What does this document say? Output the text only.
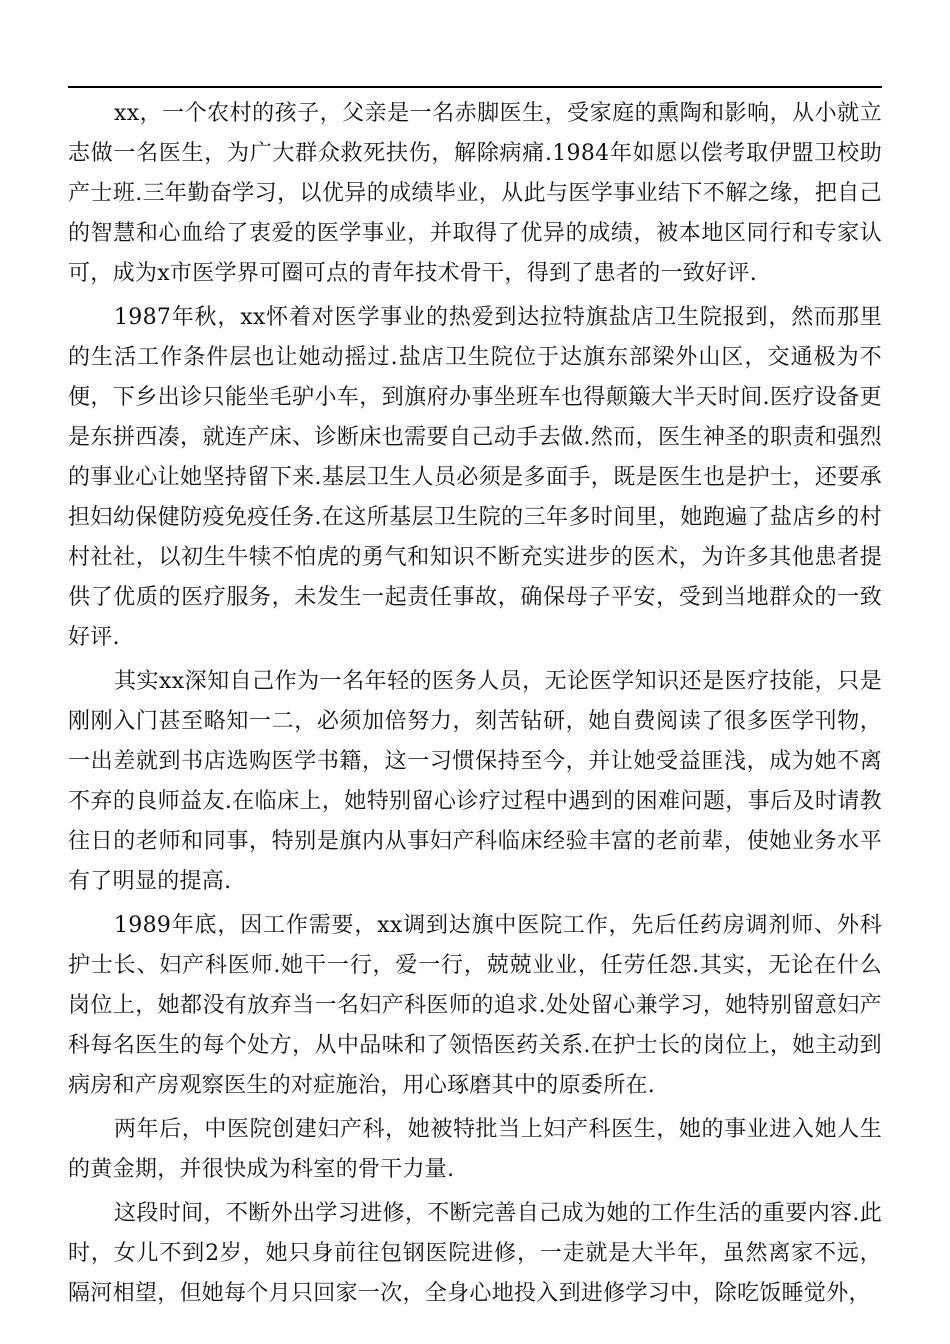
xx，一个农村的孩子，父亲是一名赤脚医生，受家庭的熏陶和影响，从小就立志做一名医生，为广大群众救死扶伤，解除病痛.1984年如愿以偿考取伊盟卫校助产士班.三年勤奋学习，以优异的成绩毕业，从此与医学事业结下不解之缘，把自己的智慧和心血给了衷爱的医学事业，并取得了优异的成绩，被本地区同行和专家认可，成为x市医学界可圈可点的青年技术骨干，得到了患者的一致好评.

1987年秋，xx怀着对医学事业的热爱到达拉特旗盐店卫生院报到，然而那里的生活工作条件层也让她动摇过.盐店卫生院位于达旗东部梁外山区，交通极为不便，下乡出诊只能坐毛驴小车，到旗府办事坐班车也得颠簸大半天时间.医疗设备更是东拼西凑，就连产床、诊断床也需要自己动手去做.然而，医生神圣的职责和强烈的事业心让她坚持留下来.基层卫生人员必须是多面手，既是医生也是护士，还要承担妇幼保健防疫免疫任务.在这所基层卫生院的三年多时间里，她跑遍了盐店乡的村村社社，以初生牛犊不怕虎的勇气和知识不断充实进步的医术，为许多其他患者提供了优质的医疗服务，未发生一起责任事故，确保母子平安，受到当地群众的一致好评.

其实xx深知自己作为一名年轻的医务人员，无论医学知识还是医疗技能，只是刚刚入门甚至略知一二，必须加倍努力，刻苦钻研，她自费阅读了很多医学刊物，一出差就到书店选购医学书籍，这一习惯保持至今，并让她受益匪浅，成为她不离不弃的良师益友.在临床上，她特别留心诊疗过程中遇到的困难问题，事后及时请教往日的老师和同事，特别是旗内从事妇产科临床经验丰富的老前辈，使她业务水平有了明显的提高.

1989年底，因工作需要，xx调到达旗中医院工作，先后任药房调剂师、外科护士长、妇产科医师.她干一行，爱一行，兢兢业业，任劳任怨.其实，无论在什么岗位上，她都没有放弃当一名妇产科医师的追求.处处留心兼学习，她特别留意妇产科每名医生的每个处方，从中品味和了领悟医药关系.在护士长的岗位上，她主动到病房和产房观察医生的对症施治，用心琢磨其中的原委所在.

两年后，中医院创建妇产科，她被特批当上妇产科医生，她的事业进入她人生的黄金期，并很快成为科室的骨干力量.

这段时间，不断外出学习进修，不断完善自己成为她的工作生活的重要内容.此时，女儿不到2岁，她只身前往包钢医院进修，一走就是大半年，虽然离家不远，隔河相望，但她每个月只回家一次，全身心地投入到进修学习中，除吃饭睡觉外，
